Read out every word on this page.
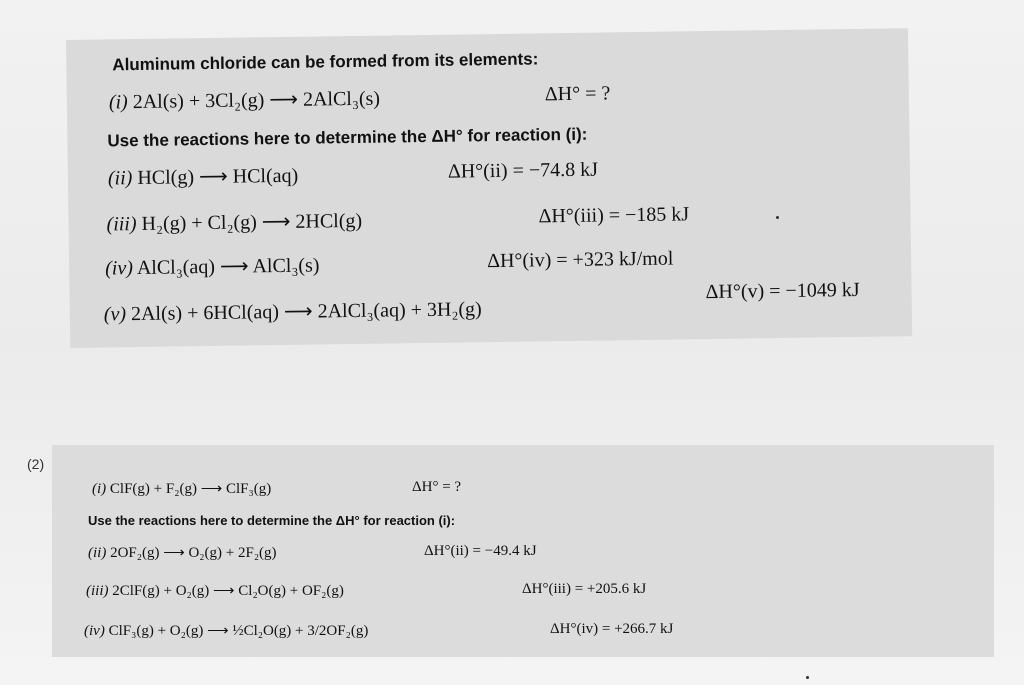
Aluminum chloride can be formed from its elements:
(i) 2Al(s) + 3Cl₂(g) ⟶ 2AlCl₃(s)	ΔH° = ?
Use the reactions here to determine the ΔH° for reaction (i):
(ii) HCl(g) ⟶ HCl(aq)	ΔH°(ii) = −74.8 kJ
(iii) H₂(g) + Cl₂(g) ⟶ 2HCl(g)	ΔH°(iii) = −185 kJ
(iv) AlCl₃(aq) ⟶ AlCl₃(s)	ΔH°(iv) = +323 kJ/mol
(v) 2Al(s) + 6HCl(aq) ⟶ 2AlCl₃(aq) + 3H₂(g)
ΔH°(v) = −1049 kJ
(2)
(i) ClF(g) + F₂(g) ⟶ ClF₃(g)	ΔH° = ?
Use the reactions here to determine the ΔH° for reaction (i):
(ii) 2OF₂(g) ⟶ O₂(g) + 2F₂(g)	ΔH°(ii) = −49.4 kJ
(iii) 2ClF(g) + O₂(g) ⟶ Cl₂O(g) + OF₂(g)	ΔH°(iii) = +205.6 kJ
(iv) ClF₃(g) + O₂(g) ⟶ ½Cl₂O(g) + 3/2OF₂(g)	ΔH°(iv) = +266.7 kJ
